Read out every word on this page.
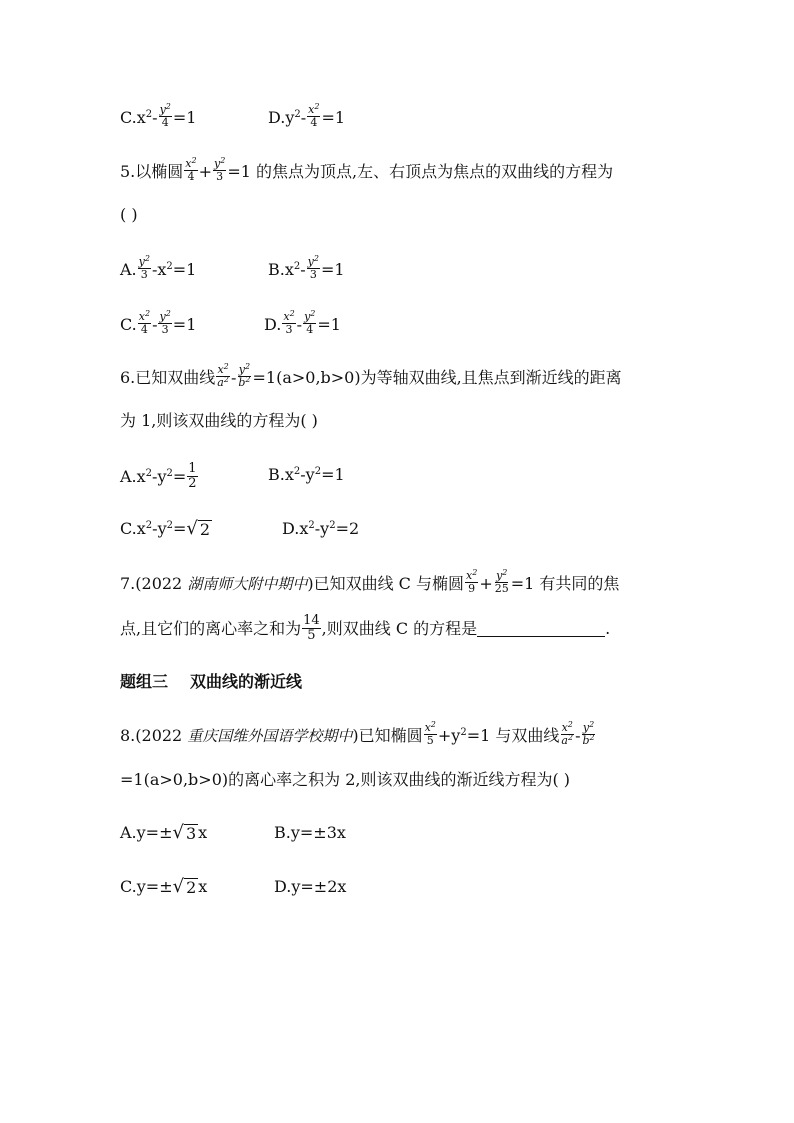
$C.x^2- \frac{y^2}{4} =1$	$D.y^2- \frac{x^2}{4} =1$
5.以椭圆 $\frac{x^2}{4} + \frac{y^2}{3} =1$ 的焦点为顶点,左、右顶点为焦点的双曲线的方程为
( )
A. $\frac{y^2}{3} -x^2=1$	$B.x^2- \frac{y^2}{3} =1$
C. $\frac{x^2}{4} - \frac{y^2}{3} =1$	D. $\frac{x^2}{3} - \frac{y^2}{4} =1$
6.已知双曲线 $\frac{x^2}{a^2} - \frac{y^2}{b^2} =1(a>0,b>0)$为等轴双曲线,且焦点到渐近线的距离
为 1,则该双曲线的方程为( )
$A.x^2-y^2= \frac{1}{2}$	$B.x^2-y^2=1$
$C.x^2-y^2=$ √ 2	$D.x^2-y^2=2$
7.(2022 湖南师大附中期中)已知双曲线 C 与椭圆 $\frac{x^2}{9} + \frac{y^2}{25} =1$ 有共同的焦
点,且它们的离心率之和为 $\frac{14}{5}$ ,则双曲线 C 的方程是	.
题组三 双曲线的渐近线
8.(2022 重庆国维外国语学校期中)已知椭圆 $\frac{x^2}{5} +y^2=1$ 与双曲线 $\frac{x^2}{a^2} - \frac{y^2}{b^2}$
=1(a>0,b>0)的离心率之积为 2,则该双曲线的渐近线方程为( )
A.y=± √ 3 x	B.y=±3x
C.y=± √ 2 x	D.y=±2x
